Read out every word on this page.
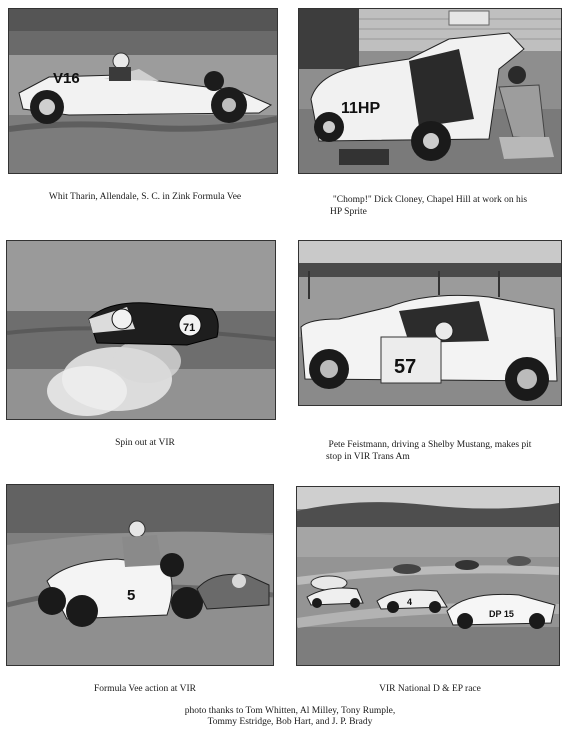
V16
11HP
Whit Tharin, Allendale, S. C. in Zink Formula Vee	"Chomp!" Dick Cloney, Chapel Hill at work on his
HP Sprite
71
57
Spin out at VIR	Pete Feistmann, driving a Shelby Mustang, makes pit
stop in VIR Trans Am
5
DP 15
4
Formula Vee action at VIR	VIR National D & EP race
photo thanks to Tom Whitten, Al Milley, Tony Rumple,
Tommy Estridge, Bob Hart, and J. P. Brady
